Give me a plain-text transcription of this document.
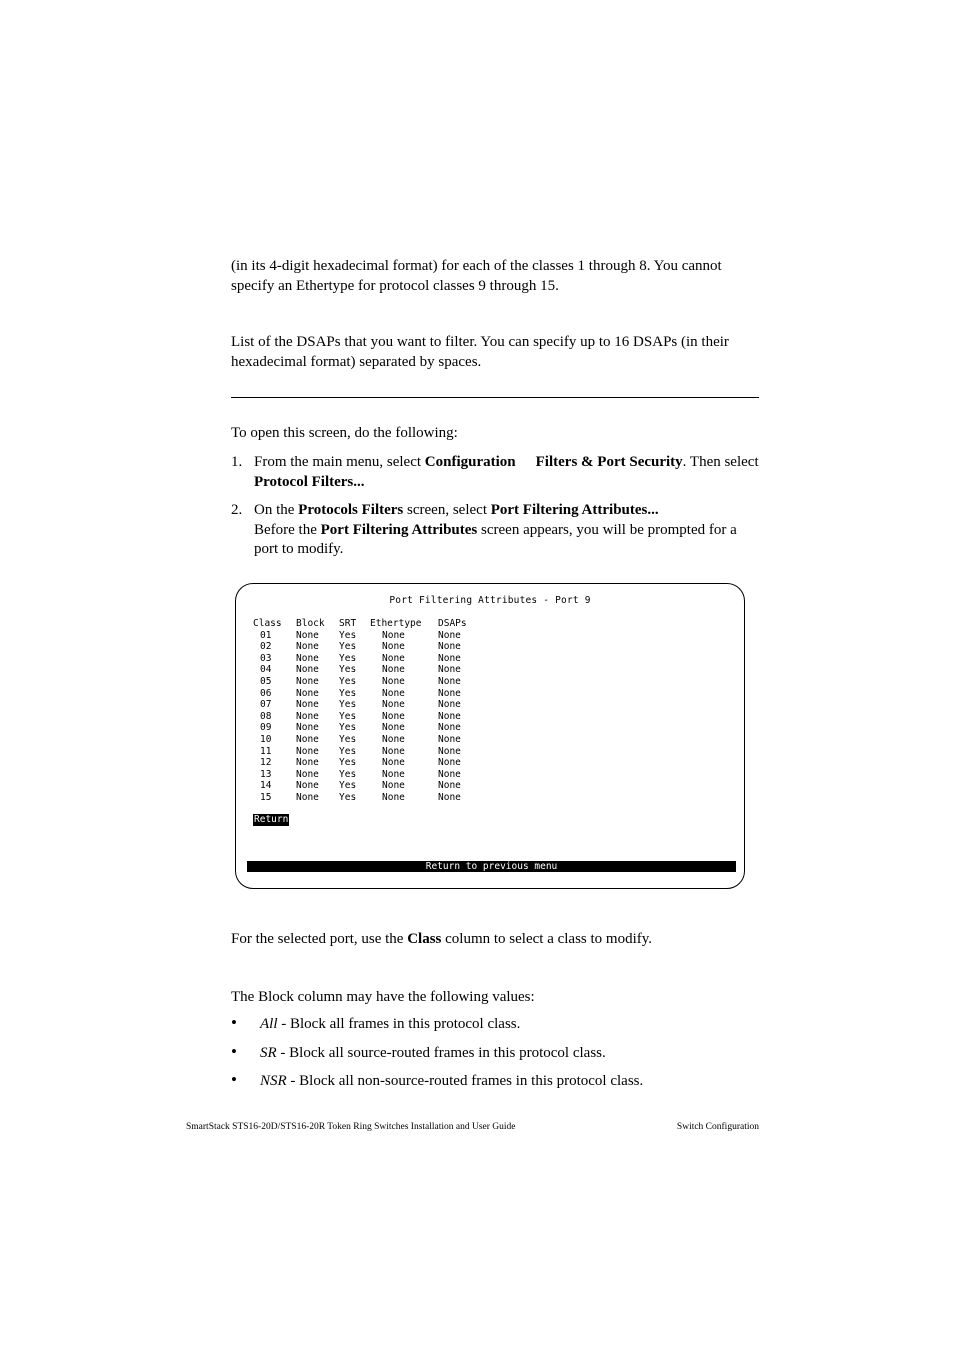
(in its 4-digit hexadecimal format) for each of the classes 1 through 8. You cannot specify an Ethertype for protocol classes 9 through 15.

List of the DSAPs that you want to filter. You can specify up to 16 DSAPs (in their hexadecimal format) separated by spaces.

To open this screen, do the following:

1. From the main menu, select Configuration Filters & Port Security. Then select Protocol Filters...
2. On the Protocols Filters screen, select Port Filtering Attributes...
Before the Port Filtering Attributes screen appears, you will be prompted for a port to modify.
Port Filtering Attributes - Port 9
Class	Block	SRT	Ethertype	DSAPs
01	None	Yes	None	None
02	None	Yes	None	None
03	None	Yes	None	None
04	None	Yes	None	None
05	None	Yes	None	None
06	None	Yes	None	None
07	None	Yes	None	None
08	None	Yes	None	None
09	None	Yes	None	None
10	None	Yes	None	None
11	None	Yes	None	None
12	None	Yes	None	None
13	None	Yes	None	None
14	None	Yes	None	None
15	None	Yes	None	None
Return
Return to previous menu

For the selected port, use the Class column to select a class to modify.

The Block column may have the following values:

• All - Block all frames in this protocol class.
• SR - Block all source-routed frames in this protocol class.
• NSR - Block all non-source-routed frames in this protocol class.
SmartStack STS16-20D/STS16-20R Token Ring Switches Installation and User Guide	Switch Configuration
